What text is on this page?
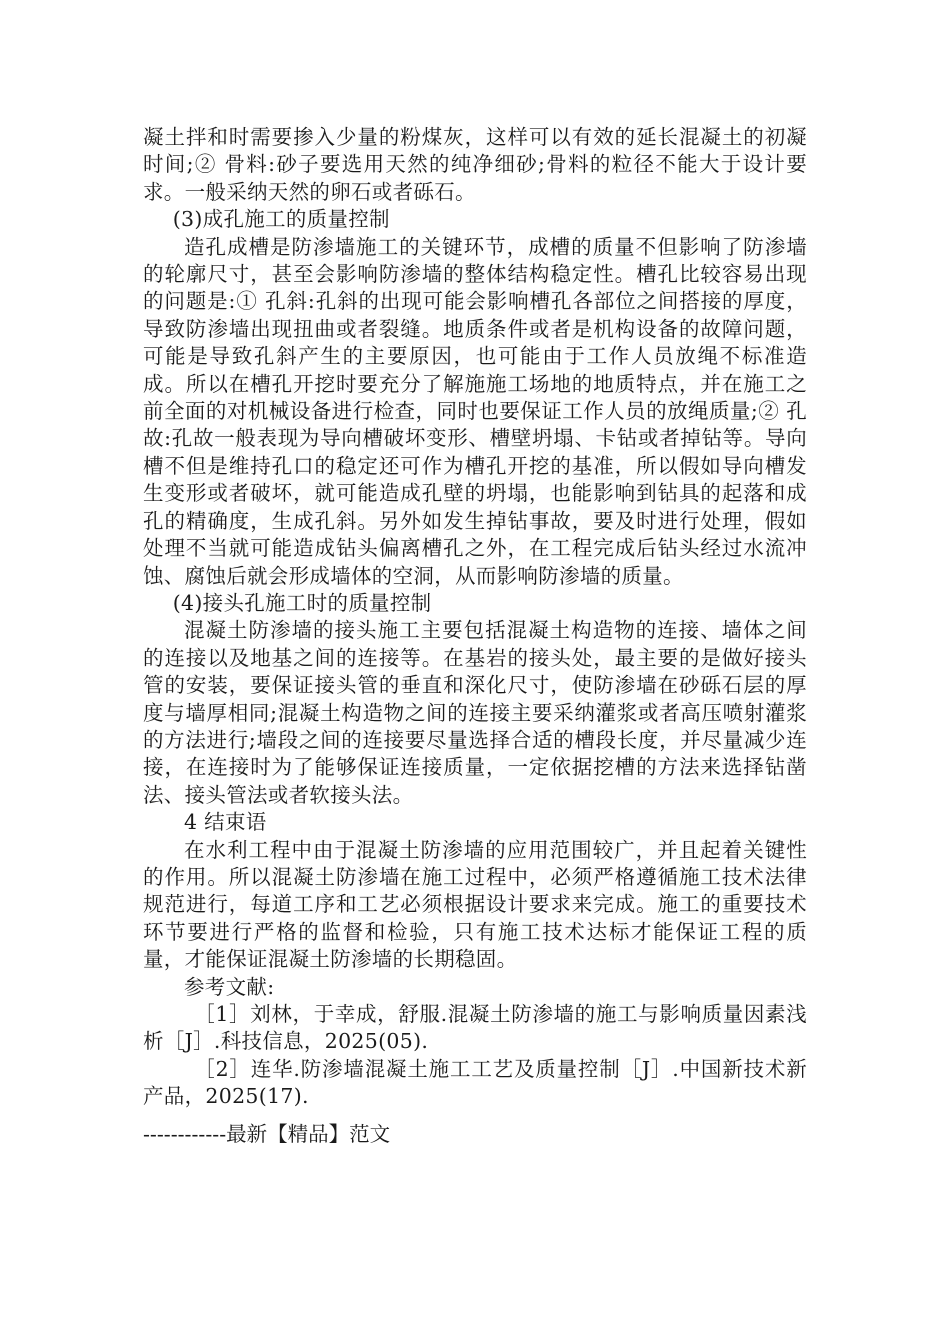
凝土拌和时需要掺入少量的粉煤灰，这样可以有效的延长混凝土的初凝时间;② 骨料:砂子要选用天然的纯净细砂;骨料的粒径不能大于设计要求。一般采纳天然的卵石或者砾石。

(3)成孔施工的质量控制

造孔成槽是防渗墙施工的关键环节，成槽的质量不但影响了防渗墙的轮廓尺寸，甚至会影响防渗墙的整体结构稳定性。槽孔比较容易出现的问题是:① 孔斜:孔斜的出现可能会影响槽孔各部位之间搭接的厚度，导致防渗墙出现扭曲或者裂缝。地质条件或者是机构设备的故障问题，可能是导致孔斜产生的主要原因，也可能由于工作人员放绳不标准造成。所以在槽孔开挖时要充分了解施施工场地的地质特点，并在施工之前全面的对机械设备进行检查，同时也要保证工作人员的放绳质量;② 孔故:孔故一般表现为导向槽破坏变形、槽壁坍塌、卡钻或者掉钻等。导向槽不但是维持孔口的稳定还可作为槽孔开挖的基准，所以假如导向槽发生变形或者破坏，就可能造成孔壁的坍塌，也能影响到钻具的起落和成孔的精确度，生成孔斜。另外如发生掉钻事故，要及时进行处理，假如处理不当就可能造成钻头偏离槽孔之外，在工程完成后钻头经过水流冲蚀、腐蚀后就会形成墙体的空洞，从而影响防渗墙的质量。

(4)接头孔施工时的质量控制

混凝土防渗墙的接头施工主要包括混凝土构造物的连接、墙体之间的连接以及地基之间的连接等。在基岩的接头处，最主要的是做好接头管的安装，要保证接头管的垂直和深化尺寸，使防渗墙在砂砾石层的厚度与墙厚相同;混凝土构造物之间的连接主要采纳灌浆或者高压喷射灌浆的方法进行;墙段之间的连接要尽量选择合适的槽段长度，并尽量减少连接，在连接时为了能够保证连接质量，一定依据挖槽的方法来选择钻凿法、接头管法或者软接头法。

4 结束语

在水利工程中由于混凝土防渗墙的应用范围较广，并且起着关键性的作用。所以混凝土防渗墙在施工过程中，必须严格遵循施工技术法律规范进行，每道工序和工艺必须根据设计要求来完成。施工的重要技术环节要进行严格的监督和检验，只有施工技术达标才能保证工程的质量，才能保证混凝土防渗墙的长期稳固。

参考文献:

［1］刘林，于幸成，舒服.混凝土防渗墙的施工与影响质量因素浅析［J］.科技信息，2025(05).

［2］连华.防渗墙混凝土施工工艺及质量控制［J］.中国新技术新产品，2025(17).

------------最新【精品】范文
